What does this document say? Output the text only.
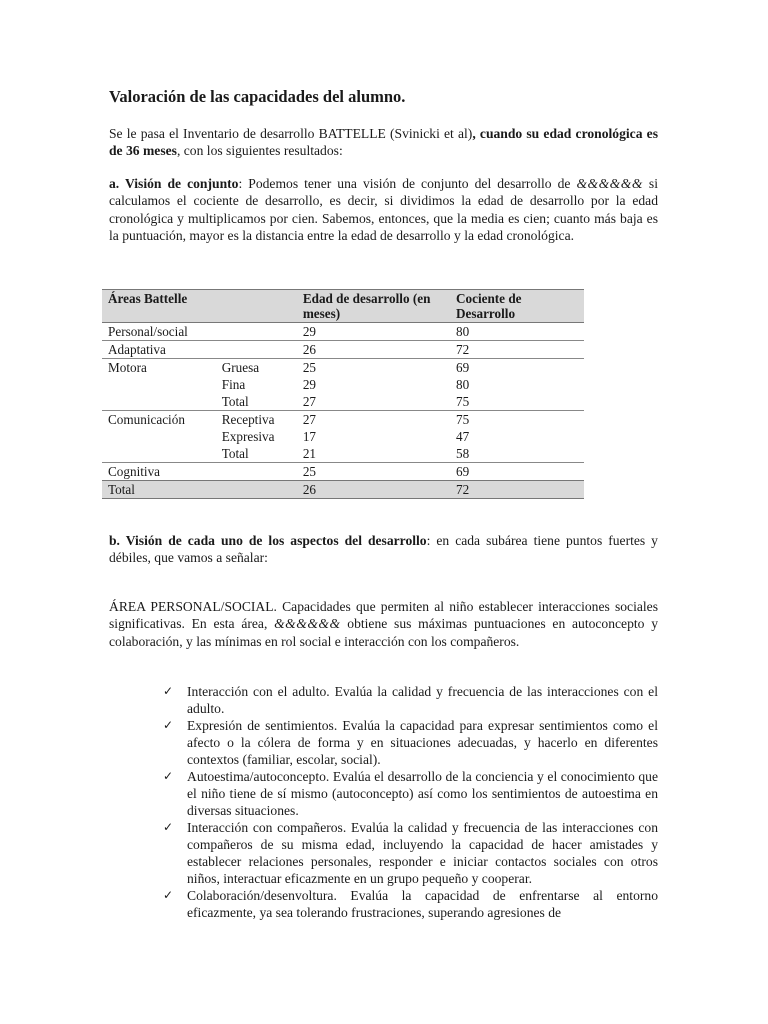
Valoración de las capacidades del alumno.

Se le pasa el Inventario de desarrollo BATTELLE (Svinicki et al), cuando su edad cronológica es de 36 meses, con los siguientes resultados:

a. Visión de conjunto: Podemos tener una visión de conjunto del desarrollo de &&&&&& si calculamos el cociente de desarrollo, es decir, si dividimos la edad de desarrollo por la edad cronológica y multiplicamos por cien. Sabemos, entonces, que la media es cien; cuanto más baja es la puntuación, mayor es la distancia entre la edad de desarrollo y la edad cronológica.

Áreas Battelle		Edad de desarrollo (en meses)	Cociente de Desarrollo
Personal/social		29	80
Adaptativa		26	72
Motora	Gruesa	25	69
	Fina	29	80
	Total	27	75
Comunicación	Receptiva	27	75
	Expresiva	17	47
	Total	21	58
Cognitiva		25	69
Total		26	72

b. Visión de cada uno de los aspectos del desarrollo: en cada subárea tiene puntos fuertes y débiles, que vamos a señalar:

ÁREA PERSONAL/SOCIAL. Capacidades que permiten al niño establecer interacciones sociales significativas. En esta área, &&&&&& obtiene sus máximas puntuaciones en autoconcepto y colaboración, y las mínimas en rol social e interacción con los compañeros.

✓ Interacción con el adulto. Evalúa la calidad y frecuencia de las interacciones con el adulto.
✓ Expresión de sentimientos. Evalúa la capacidad para expresar sentimientos como el afecto o la cólera de forma y en situaciones adecuadas, y hacerlo en diferentes contextos (familiar, escolar, social).
✓ Autoestima/autoconcepto. Evalúa el desarrollo de la conciencia y el conocimiento que el niño tiene de sí mismo (autoconcepto) así como los sentimientos de autoestima en diversas situaciones.
✓ Interacción con compañeros. Evalúa la calidad y frecuencia de las interacciones con compañeros de su misma edad, incluyendo la capacidad de hacer amistades y establecer relaciones personales, responder e iniciar contactos sociales con otros niños, interactuar eficazmente en un grupo pequeño y cooperar.
✓ Colaboración/desenvoltura. Evalúa la capacidad de enfrentarse al entorno eficazmente, ya sea tolerando frustraciones, superando agresiones de
